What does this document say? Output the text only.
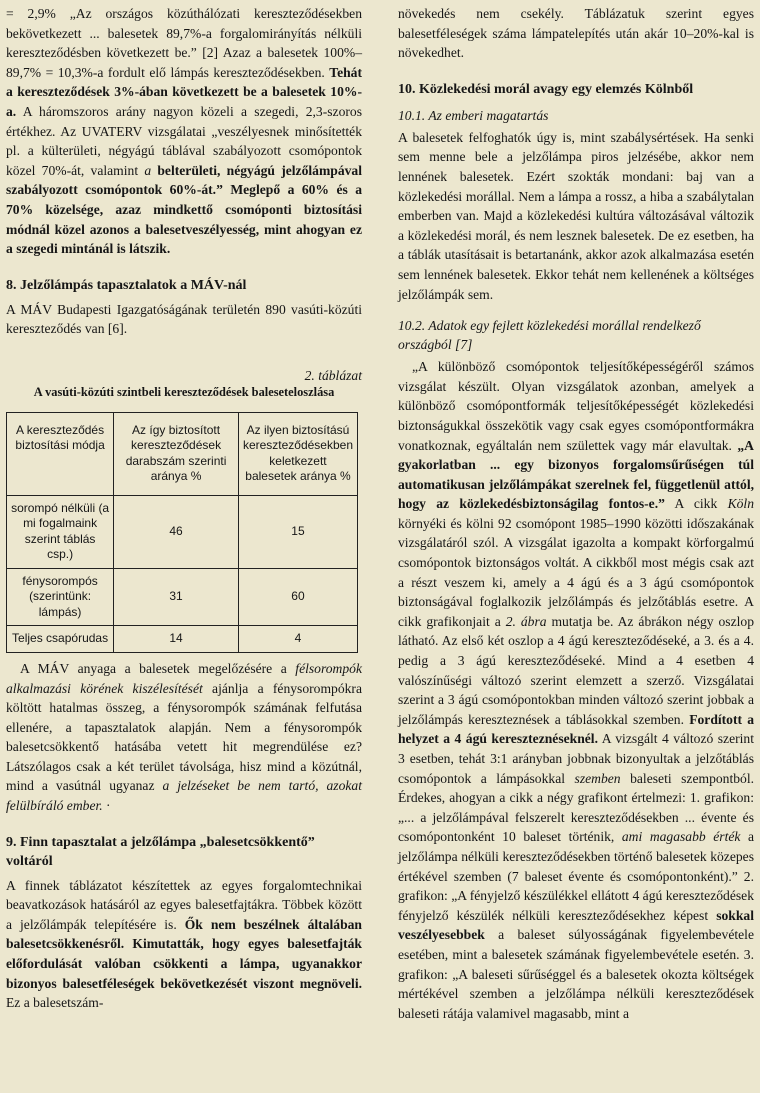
= 2,9% „Az országos közúthálózati kereszteződésekben bekövetkezett ... balesetek 89,7%-a forgalomirányítás nélküli kereszteződésben következett be.” [2] Azaz a balesetek 100%–89,7% = 10,3%-a fordult elő lámpás kereszteződésekben. Tehát a kereszteződések 3%-ában következett be a balesetek 10%-a. A háromszoros arány nagyon közeli a szegedi, 2,3-szoros értékhez. Az UVATERV vizsgálatai „veszélyesnek minősítették pl. a külterületi, négyágú táblával szabályozott csomópontok közel 70%-át, valamint a belterületi, négyágú jelzőlámpával szabályozott csomópontok 60%-át.” Meglepő a 60% és a 70% közelsége, azaz mindkettő csomóponti biztosítási módnál közel azonos a balesetveszélyesség, mint ahogyan ez a szegedi mintánál is látszik.

8. Jelzőlámpás tapasztalatok a MÁV-nál

A MÁV Budapesti Igazgatóságának területén 890 vasúti-közúti kereszteződés van [6].

2. táblázat
A vasúti-közúti szintbeli kereszteződések baleseteloszlása
A kereszteződés biztosítási módja	Az így biztosított kereszteződések darabszám szerinti aránya %	Az ilyen biztosítású kereszteződésekben keletkezett balesetek aránya %
sorompó nélküli (a mi fogalmaink szerint táblás csp.)	46	15
fénysorompós (szerintünk: lámpás)	31	60
Teljes csapórudas	14	4

A MÁV anyaga a balesetek megelőzésére a félsorompók alkalmazási körének kiszélesítését ajánlja a fénysorompókra költött hatalmas összeg, a fénysorompók számának felfutása ellenére, a tapasztalatok alapján. Nem a fénysorompók balesetcsökkentő hatásába vetett hit megrendülése ez? Látszólagos csak a két terület távolsága, hisz mind a közútnál, mind a vasútnál ugyanaz a jelzéseket be nem tartó, azokat felülbíráló ember. ·

9. Finn tapasztalat a jelzőlámpa „balesetcsökkentő” voltáról

A finnek táblázatot készítettek az egyes forgalomtechnikai beavatkozások hatásáról az egyes balesetfajtákra. Többek között a jelzőlámpák telepítésére is. Ők nem beszélnek általában balesetcsökkenésről. Kimutatták, hogy egyes balesetfajták előfordulását valóban csökkenti a lámpa, ugyanakkor bizonyos balesetféleségek bekövetkezését viszont megnöveli. Ez a balesetszám-

növekedés nem csekély. Táblázatuk szerint egyes balesetféleségek száma lámpatelepítés után akár 10–20%-kal is növekedhet.

10. Közlekedési morál avagy egy elemzés Kölnből
10.1. Az emberi magatartás

A balesetek felfoghatók úgy is, mint szabálysértések. Ha senki sem menne bele a jelzőlámpa piros jelzésébe, akkor nem lennének balesetek. Ezért szokták mondani: baj van a közlekedési morállal. Nem a lámpa a rossz, a hiba a szabálytalan emberben van. Majd a közlekedési kultúra változásával változik a közlekedési morál, és nem lesznek balesetek. De ez esetben, ha a táblák utasításait is betartanánk, akkor azok alkalmazása esetén sem lennének balesetek. Ekkor tehát nem kellenének a költséges jelzőlámpák sem.

10.2. Adatok egy fejlett közlekedési morállal rendelkező országból [7]

„A különböző csomópontok teljesítőképességéről számos vizsgálat készült. Olyan vizsgálatok azonban, amelyek a különböző csomópontformák teljesítőképességét közlekedési biztonságukkal összekötik vagy csak egyes csomópontformákra vonatkoznak, egyáltalán nem születtek vagy már elavultak. „A gyakorlatban ... egy bizonyos forgalomsűrűségen túl automatikusan jelzőlámpákat szerelnek fel, függetlenül attól, hogy az közlekedésbiztonságilag fontos-e.” A cikk Köln környéki és kölni 92 csomópont 1985–1990 közötti időszakának vizsgálatáról szól. A vizsgálat igazolta a kompakt körforgalmú csomópontok biztonságos voltát. A cikkből most mégis csak azt a részt veszem ki, amely a 4 ágú és a 3 ágú csomópontok biztonságával foglalkozik jelzőlámpás és jelzőtáblás esetre. A cikk grafikonjait a 2. ábra mutatja be. Az ábrákon négy oszlop látható. Az első két oszlop a 4 ágú kereszteződéseké, a 3. és a 4. pedig a 3 ágú kereszteződéseké. Mind a 4 esetben 4 valószínűségi változó szerint elemzett a szerző. Vizsgálatai szerint a 3 ágú csomópontokban minden változó szerint jobbak a jelzőlámpás kereszteznések a táblásokkal szemben. Fordított a helyzet a 4 ágú kereszteznéseknél. A vizsgált 4 változó szerint 3 esetben, tehát 3:1 arányban jobbnak bizonyultak a jelzőtáblás csomópontok a lámpásokkal szemben baleseti szempontból. Érdekes, ahogyan a cikk a négy grafikont értelmezi: 1. grafikon: „... a jelzőlámpával felszerelt kereszteződésekben ... évente és csomópontonként 10 baleset történik, ami magasabb érték a jelzőlámpa nélküli kereszteződésekben történő balesetek közepes értékével szemben (7 baleset évente és csomópontonként).” 2. grafikon: „A fényjelző készülékkel ellátott 4 ágú kereszteződések fényjelző készülék nélküli kereszteződésekhez képest sokkal veszélyesebbek a baleset súlyosságának figyelembevétele esetében, mint a balesetek számának figyelembevétele esetén. 3. grafikon: „A baleseti sűrűséggel és a balesetek okozta költségek mértékével szemben a jelzőlámpa nélküli kereszteződések baleseti rátája valamivel magasabb, mint a
